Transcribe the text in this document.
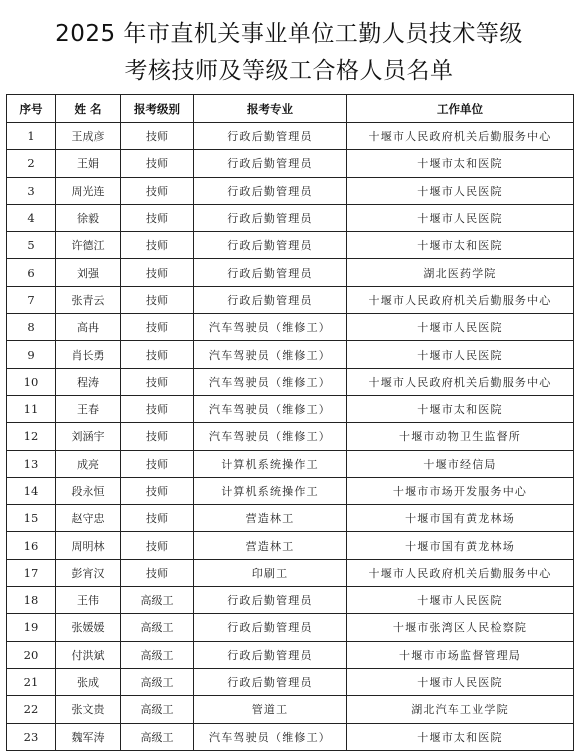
2025 年市直机关事业单位工勤人员技术等级
考核技师及等级工合格人员名单
序号	姓 名	报考级别	报考专业	工作单位
1	王成彦	技师	行政后勤管理员	十堰市人民政府机关后勤服务中心
2	王娟	技师	行政后勤管理员	十堰市太和医院
3	周光连	技师	行政后勤管理员	十堰市人民医院
4	徐毅	技师	行政后勤管理员	十堰市人民医院
5	许德江	技师	行政后勤管理员	十堰市太和医院
6	刘强	技师	行政后勤管理员	湖北医药学院
7	张青云	技师	行政后勤管理员	十堰市人民政府机关后勤服务中心
8	高冉	技师	汽车驾驶员（维修工）	十堰市人民医院
9	肖长勇	技师	汽车驾驶员（维修工）	十堰市人民医院
10	程涛	技师	汽车驾驶员（维修工）	十堰市人民政府机关后勤服务中心
11	王春	技师	汽车驾驶员（维修工）	十堰市太和医院
12	刘涵宇	技师	汽车驾驶员（维修工）	十堰市动物卫生监督所
13	成亮	技师	计算机系统操作工	十堰市经信局
14	段永恒	技师	计算机系统操作工	十堰市市场开发服务中心
15	赵守忠	技师	营造林工	十堰市国有黄龙林场
16	周明林	技师	营造林工	十堰市国有黄龙林场
17	彭宵汉	技师	印刷工	十堰市人民政府机关后勤服务中心
18	王伟	高级工	行政后勤管理员	十堰市人民医院
19	张媛媛	高级工	行政后勤管理员	十堰市张湾区人民检察院
20	付洪斌	高级工	行政后勤管理员	十堰市市场监督管理局
21	张成	高级工	行政后勤管理员	十堰市人民医院
22	张文贵	高级工	管道工	湖北汽车工业学院
23	魏军涛	高级工	汽车驾驶员（维修工）	十堰市太和医院
